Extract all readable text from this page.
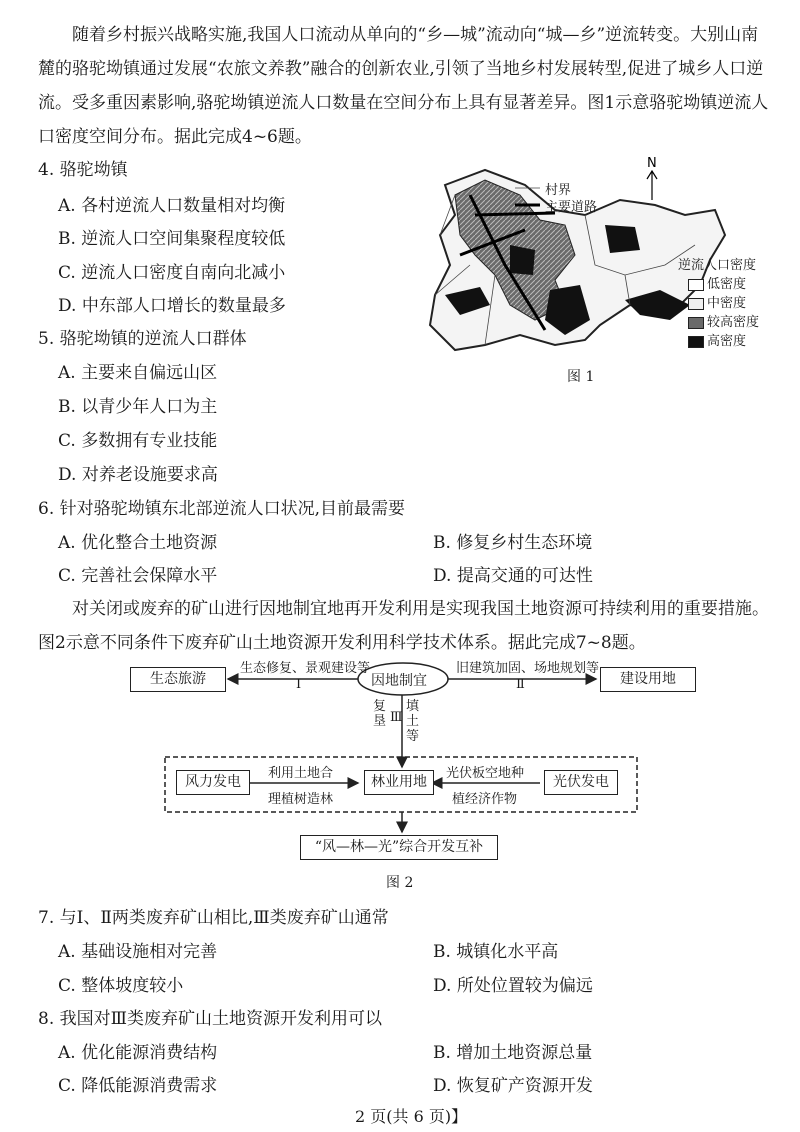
随着乡村振兴战略实施,我国人口流动从单向的“乡—城”流动向“城—乡”逆流转变。大别山南麓的骆驼坳镇通过发展“农旅文养教”融合的创新农业,引领了当地乡村发展转型,促进了城乡人口逆流。受多重因素影响,骆驼坳镇逆流人口数量在空间分布上具有显著差异。图1示意骆驼坳镇逆流人口密度空间分布。据此完成4~6题。
4. 骆驼坳镇
A. 各村逆流人口数量相对均衡
B. 逆流人口空间集聚程度较低
C. 逆流人口密度自南向北减小
D. 中东部人口增长的数量最多
5. 骆驼坳镇的逆流人口群体
A. 主要来自偏远山区
B. 以青少年人口为主
C. 多数拥有专业技能
D. 对养老设施要求高
N
村界
主要道路
逆流人口密度
低密度
中密度
较高密度
高密度
图 1
6. 针对骆驼坳镇东北部逆流人口状况,目前最需要
A. 优化整合土地资源	B. 修复乡村生态环境
C. 完善社会保障水平	D. 提高交通的可达性
对关闭或废弃的矿山进行因地制宜地再开发利用是实现我国土地资源可持续利用的重要措施。图2示意不同条件下废弃矿山土地资源开发利用科学技术体系。据此完成7~8题。
因地制宜
生态旅游	建设用地
生态修复、景观建设等	旧建筑加固、场地规划等
Ⅰ	Ⅱ
复垦 Ⅲ
填土等
风力发电	林业用地	光伏发电
利用土地合
理植树造林
光伏板空地种
植经济作物
“风—林—光”综合开发互补
图 2
7. 与Ⅰ、Ⅱ两类废弃矿山相比,Ⅲ类废弃矿山通常
A. 基础设施相对完善	B. 城镇化水平高
C. 整体坡度较小	D. 所处位置较为偏远
8. 我国对Ⅲ类废弃矿山土地资源开发利用可以
A. 优化能源消费结构	B. 增加土地资源总量
C. 降低能源消费需求	D. 恢复矿产资源开发
2 页(共 6 页)】
